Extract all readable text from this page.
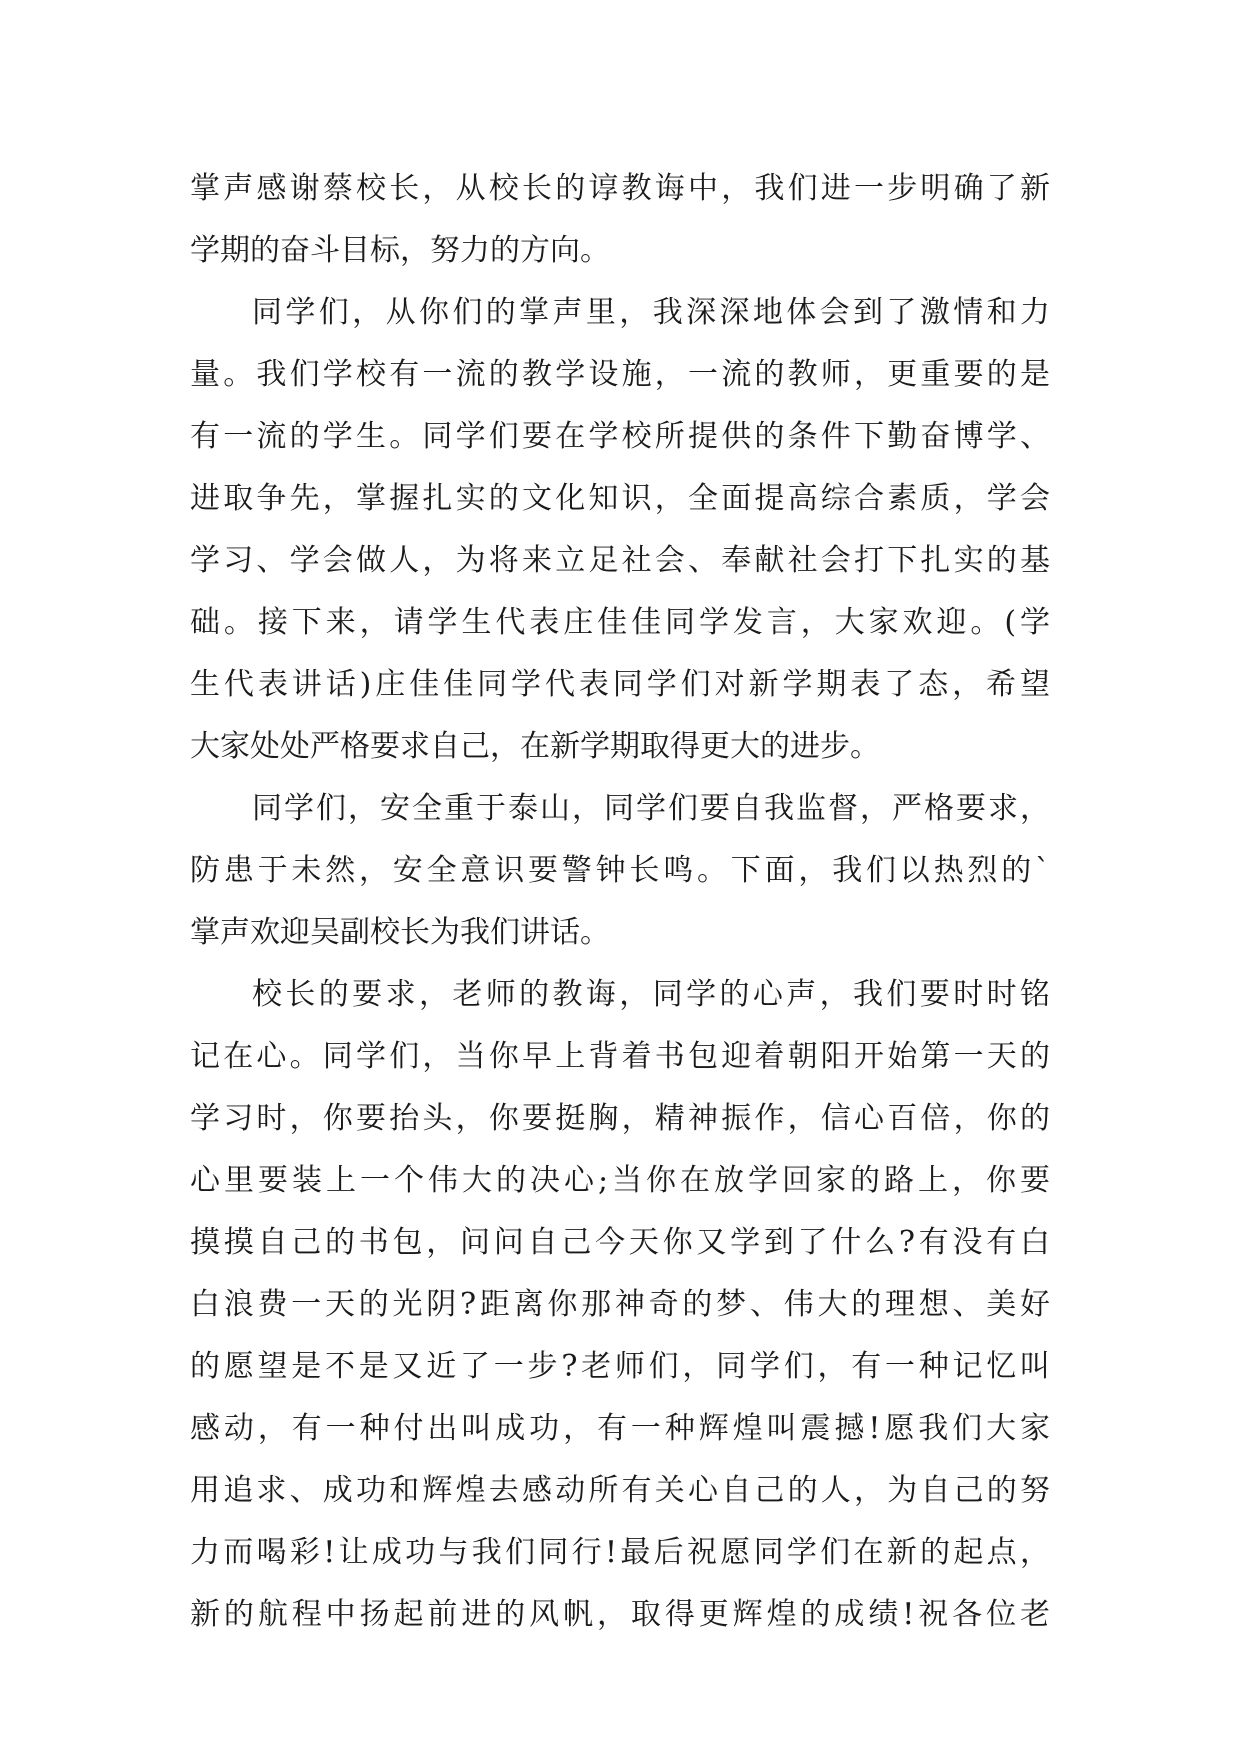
掌声感谢蔡校长，从校长的谆教诲中，我们进一步明确了新
学期的奋斗目标，努力的方向。
同学们，从你们的掌声里，我深深地体会到了激情和力
量。我们学校有一流的教学设施，一流的教师，更重要的是
有一流的学生。同学们要在学校所提供的条件下勤奋博学、
进取争先，掌握扎实的文化知识，全面提高综合素质，学会
学习、学会做人，为将来立足社会、奉献社会打下扎实的基
础。接下来，请学生代表庄佳佳同学发言，大家欢迎。(学
生代表讲话)庄佳佳同学代表同学们对新学期表了态，希望
大家处处严格要求自己，在新学期取得更大的进步。
同学们，安全重于泰山，同学们要自我监督，严格要求，
防患于未然，安全意识要警钟长鸣。下面，我们以热烈的`
掌声欢迎吴副校长为我们讲话。
校长的要求，老师的教诲，同学的心声，我们要时时铭
记在心。同学们，当你早上背着书包迎着朝阳开始第一天的
学习时，你要抬头，你要挺胸，精神振作，信心百倍，你的
心里要装上一个伟大的决心;当你在放学回家的路上，你要
摸摸自己的书包，问问自己今天你又学到了什么?有没有白
白浪费一天的光阴?距离你那神奇的梦、伟大的理想、美好
的愿望是不是又近了一步?老师们，同学们，有一种记忆叫
感动，有一种付出叫成功，有一种辉煌叫震撼!愿我们大家
用追求、成功和辉煌去感动所有关心自己的人，为自己的努
力而喝彩!让成功与我们同行!最后祝愿同学们在新的起点，
新的航程中扬起前进的风帆，取得更辉煌的成绩!祝各位老
